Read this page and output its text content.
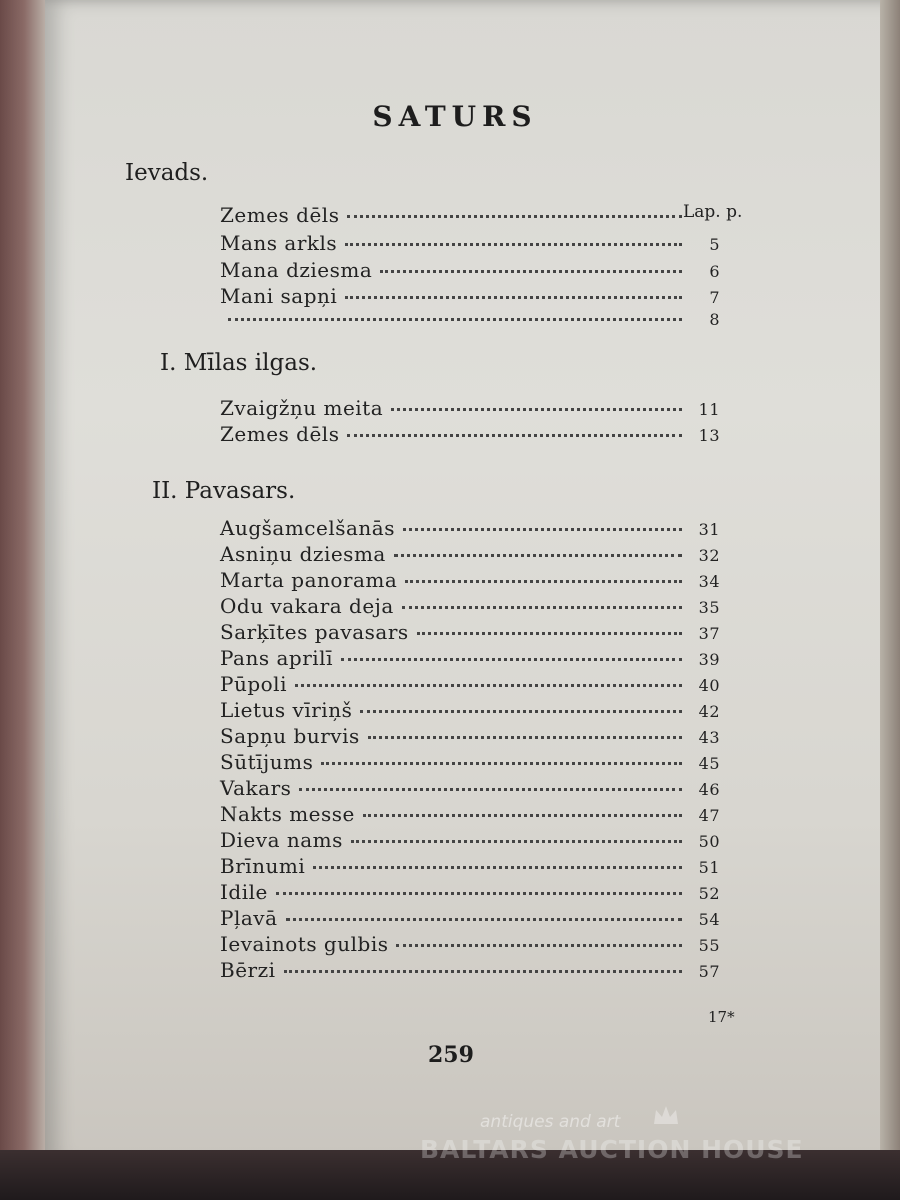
SATURS
Ievads.
Lap. p.
Zemes dēls
Mans arkls	5
Mana dziesma	6
Mani sapņi	7
8
I. Mīlas ilgas.
Zvaigžņu meita	11
Zemes dēls	13
II. Pavasars.
Augšamcelšanās	31
Asniņu dziesma	32
Marta panorama	34
Odu vakara deja	35
Sarķītes pavasars	37
Pans aprilī	39
Pūpoli	40
Lietus vīriņš	42
Sapņu burvis	43
Sūtījums	45
Vakars	46
Nakts messe	47
Dieva nams	50
Brīnumi	51
Idile	52
Pļavā	54
Ievainots gulbis	55
Bērzi	57
17*
259
antiques and art
BALTARS AUCTION HOUSE
